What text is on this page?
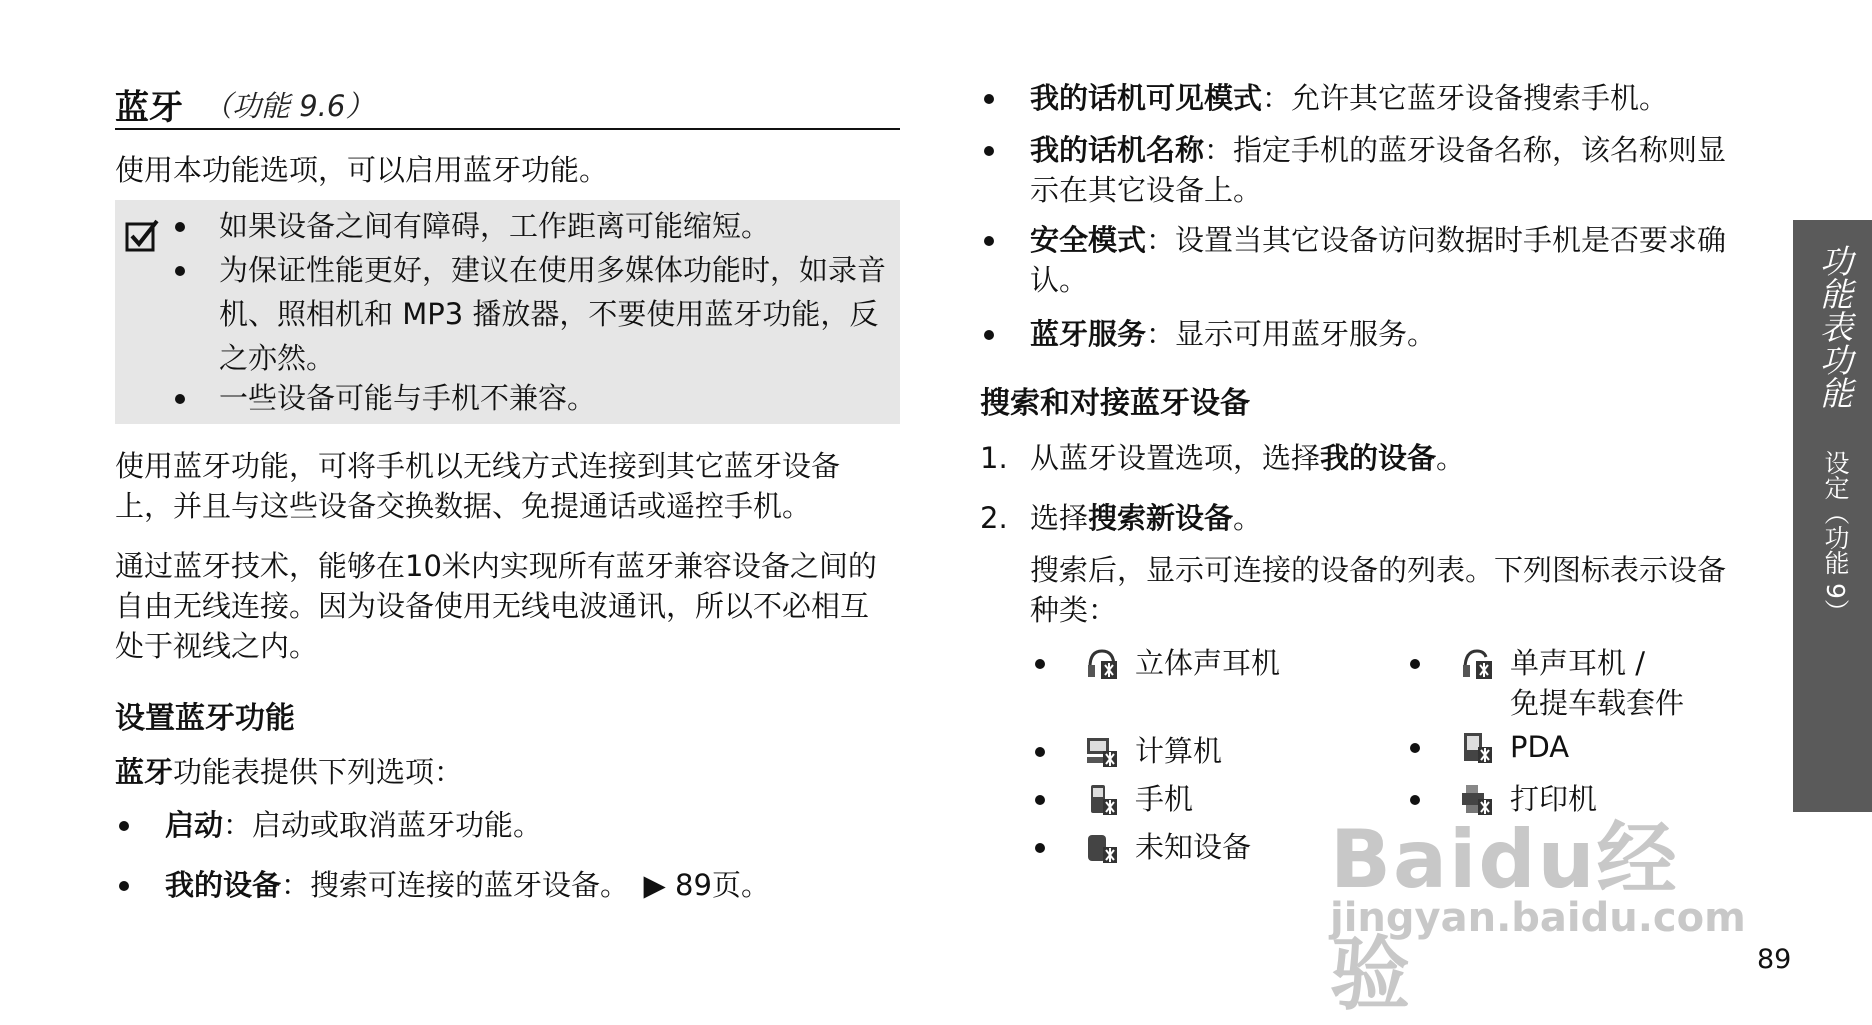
蓝牙 （功能 9.6）
使用本功能选项，可以启用蓝牙功能。
如果设备之间有障碍，工作距离可能缩短。
为保证性能更好，建议在使用多媒体功能时，如录音机、照相机和 MP3 播放器，不要使用蓝牙功能，反之亦然。
一些设备可能与手机不兼容。
使用蓝牙功能，可将手机以无线方式连接到其它蓝牙设备上，并且与这些设备交换数据、免提通话或遥控手机。
通过蓝牙技术，能够在10米内实现所有蓝牙兼容设备之间的自由无线连接。因为设备使用无线电波通讯，所以不必相互处于视线之内。
设置蓝牙功能
蓝牙功能表提供下列选项：
启动：启动或取消蓝牙功能。
我的设备：搜索可连接的蓝牙设备。　▶ 89页。
我的话机可见模式：允许其它蓝牙设备搜索手机。
我的话机名称：指定手机的蓝牙设备名称，该名称则显示在其它设备上。
安全模式：设置当其它设备访问数据时手机是否要求确认。
蓝牙服务：显示可用蓝牙服务。
搜索和对接蓝牙设备
1. 从蓝牙设置选项，选择我的设备。
2. 选择搜索新设备。
搜索后，显示可连接的设备的列表。下列图标表示设备种类：
立体声耳机	单声耳机 /
免提车载套件
计算机	PDA
手机	打印机
未知设备
功能表功能
设定（功能 9）
Baidu经验
jingyan.baidu.com
89
